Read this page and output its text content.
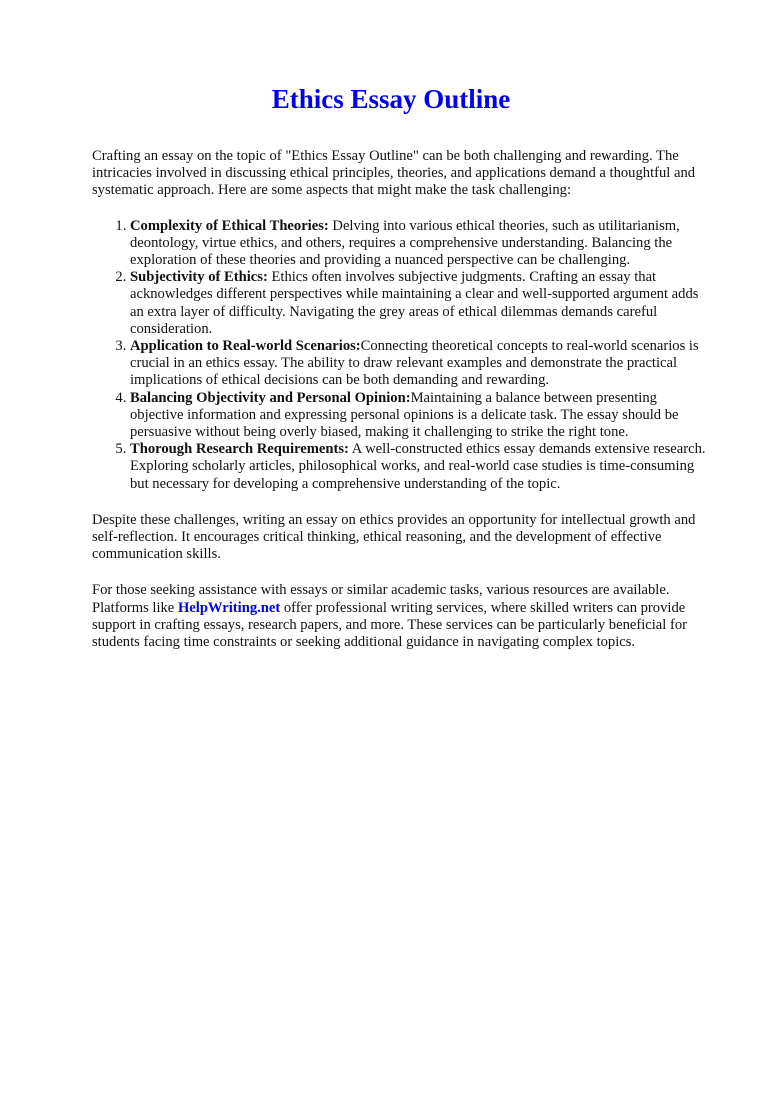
Ethics Essay Outline

Crafting an essay on the topic of "Ethics Essay Outline" can be both challenging and rewarding. The intricacies involved in discussing ethical principles, theories, and applications demand a thoughtful and systematic approach. Here are some aspects that might make the task challenging:

1. Complexity of Ethical Theories: Delving into various ethical theories, such as utilitarianism, deontology, virtue ethics, and others, requires a comprehensive understanding. Balancing the exploration of these theories and providing a nuanced perspective can be challenging.
2. Subjectivity of Ethics: Ethics often involves subjective judgments. Crafting an essay that acknowledges different perspectives while maintaining a clear and well-supported argument adds an extra layer of difficulty. Navigating the grey areas of ethical dilemmas demands careful consideration.
3. Application to Real-world Scenarios:Connecting theoretical concepts to real-world scenarios is crucial in an ethics essay. The ability to draw relevant examples and demonstrate the practical implications of ethical decisions can be both demanding and rewarding.
4. Balancing Objectivity and Personal Opinion:Maintaining a balance between presenting objective information and expressing personal opinions is a delicate task. The essay should be persuasive without being overly biased, making it challenging to strike the right tone.
5. Thorough Research Requirements: A well-constructed ethics essay demands extensive research. Exploring scholarly articles, philosophical works, and real-world case studies is time-consuming but necessary for developing a comprehensive understanding of the topic.

Despite these challenges, writing an essay on ethics provides an opportunity for intellectual growth and self-reflection. It encourages critical thinking, ethical reasoning, and the development of effective communication skills.

For those seeking assistance with essays or similar academic tasks, various resources are available. Platforms like HelpWriting.net offer professional writing services, where skilled writers can provide support in crafting essays, research papers, and more. These services can be particularly beneficial for students facing time constraints or seeking additional guidance in navigating complex topics.
